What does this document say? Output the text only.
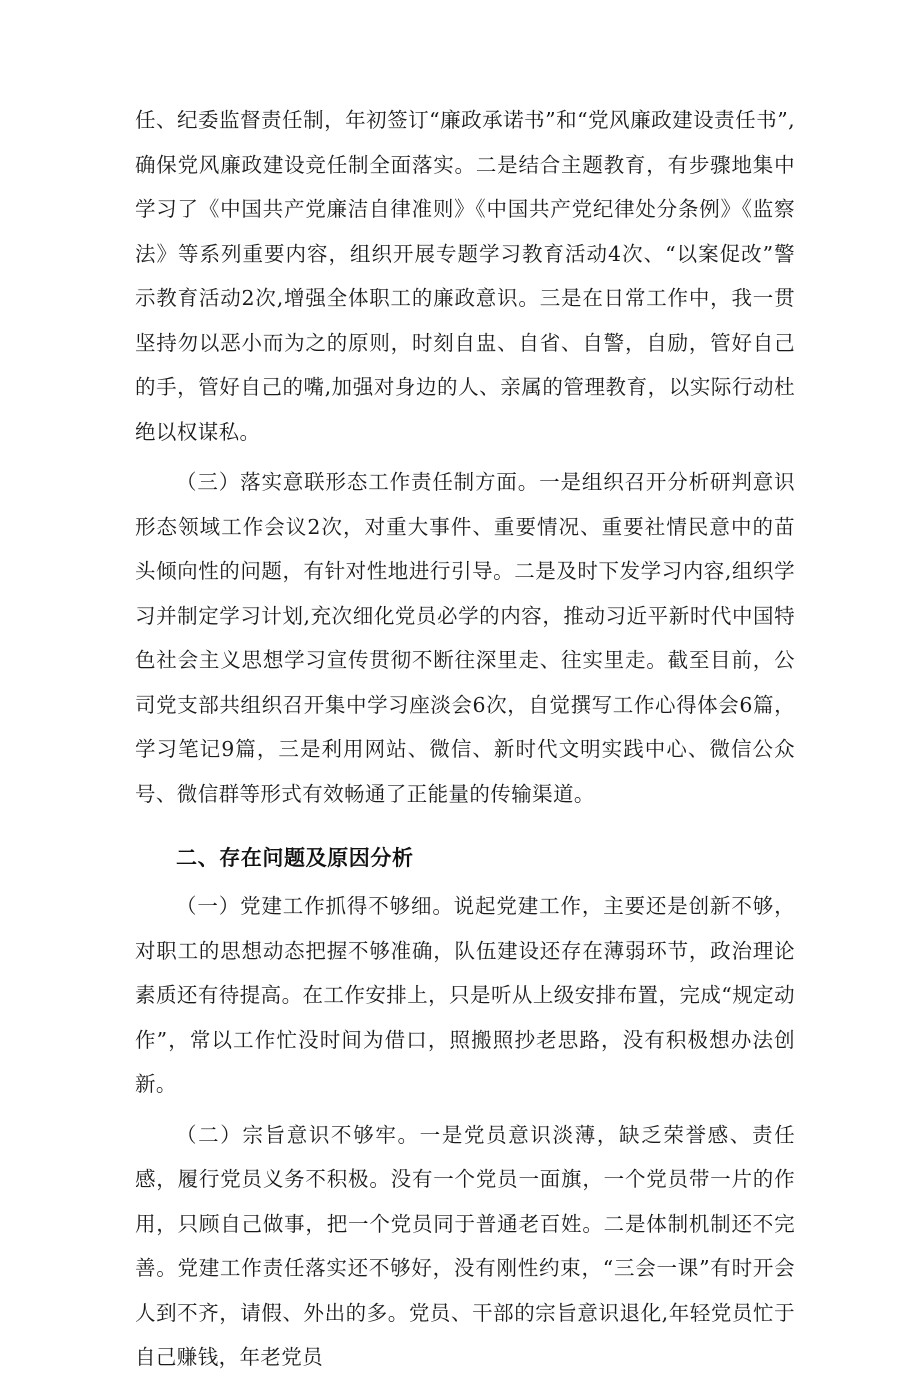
任、纪委监督责任制，年初签订“廉政承诺书”和“党风廉政建设责任书”,确保党风廉政建设竞任制全面落实。二是结合主题教育，有步骤地集中学习了《中国共产党廉洁自律准则》《中国共产党纪律处分条例》《监察法》等系列重要内容，组织开展专题学习教育活动4次、“以案促改”警示教育活动2次,增强全体职工的廉政意识。三是在日常工作中，我一贯坚持勿以恶小而为之的原则，时刻自盅、自省、自警，自励，管好自己的手，管好自己的嘴,加强对身边的人、亲属的管理教育，以实际行动杜绝以权谋私。

（三）落实意联形态工作责任制方面。一是组织召开分析研判意识形态领域工作会议2次，对重大事件、重要情况、重要社情民意中的苗头倾向性的问题，有针对性地进行引导。二是及时下发学习内容,组织学习并制定学习计划,充次细化党员必学的内容，推动习近平新时代中国特色社会主义思想学习宣传贯彻不断往深里走、往实里走。截至目前，公司党支部共组织召开集中学习座淡会6次，自觉撰写工作心得体会6篇，学习笔记9篇，三是利用网站、微信、新时代文明实践中心、微信公众号、微信群等形式有效畅通了正能量的传输渠道。

二、存在问题及原因分析

（一）党建工作抓得不够细。说起党建工作，主要还是创新不够，对职工的思想动态把握不够准确，队伍建设还存在薄弱环节，政治理论素质还有待提高。在工作安排上，只是听从上级安排布置，完成“规定动作”，常以工作忙没时间为借口，照搬照抄老思路，没有积极想办法创新。

（二）宗旨意识不够牢。一是党员意识淡薄，缺乏荣誉感、责任感，履行党员义务不积极。没有一个党员一面旗，一个党员带一片的作用，只顾自己做事，把一个党员同于普通老百姓。二是体制机制还不完善。党建工作责任落实还不够好，没有刚性约束，“三会一课”有时开会人到不齐，请假、外出的多。党员、干部的宗旨意识退化,年轻党员忙于自己赚钱，年老党员
